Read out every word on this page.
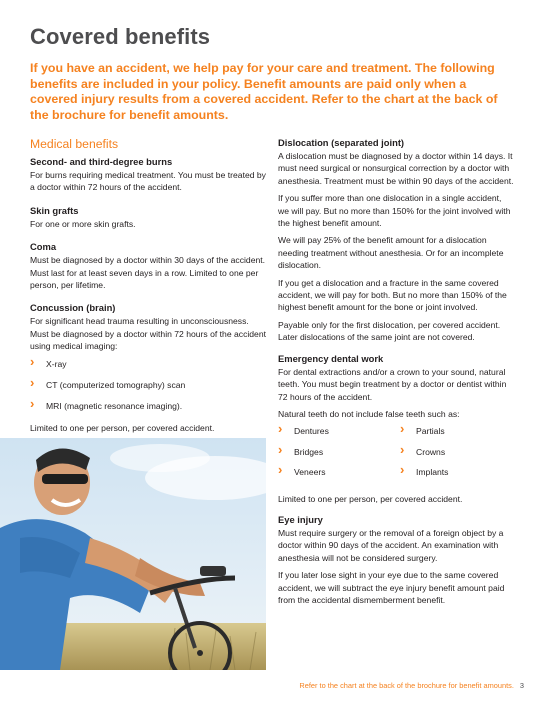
Covered benefits

If you have an accident, we help pay for your care and treatment. The following benefits are included in your policy. Benefit amounts are paid only when a covered injury results from a covered accident. Refer to the chart at the back of the brochure for benefit amounts.

Medical benefits
Second- and third-degree burns

For burns requiring medical treatment. You must be treated by a doctor within 72 hours of the accident.

Skin grafts

For one or more skin grafts.

Coma

Must be diagnosed by a doctor within 30 days of the accident. Must last for at least seven days in a row. Limited to one per person, per lifetime.

Concussion (brain)

For significant head trauma resulting in unconsciousness. Must be diagnosed by a doctor within 72 hours of the accident using medical imaging:

› X-ray
› CT (computerized tomography) scan
› MRI (magnetic resonance imaging).

Limited to one per person, per covered accident.

Dislocation (separated joint)

A dislocation must be diagnosed by a doctor within 14 days. It must need surgical or nonsurgical correction by a doctor with anesthesia. Treatment must be within 90 days of the accident.

If you suffer more than one dislocation in a single accident, we will pay. But no more than 150% for the joint involved with the highest benefit amount.

We will pay 25% of the benefit amount for a dislocation needing treatment without anesthesia. Or for an incomplete dislocation.

If you get a dislocation and a fracture in the same covered accident, we will pay for both. But no more than 150% of the highest benefit amount for the bone or joint involved.

Payable only for the first dislocation, per covered accident. Later dislocations of the same joint are not covered.

Emergency dental work

For dental extractions and/or a crown to your sound, natural teeth. You must begin treatment by a doctor or dentist within 72 hours of the accident.

Natural teeth do not include false teeth such as:

› Dentures	› Partials
› Bridges	› Crowns
› Veneers	› Implants

Limited to one per person, per covered accident.

Eye injury

Must require surgery or the removal of a foreign object by a doctor within 90 days of the accident. An examination with anesthesia will not be considered surgery.

If you later lose sight in your eye due to the same covered accident, we will subtract the eye injury benefit amount paid from the accidental dismemberment benefit.

Refer to the chart at the back of the brochure for benefit amounts. 3
